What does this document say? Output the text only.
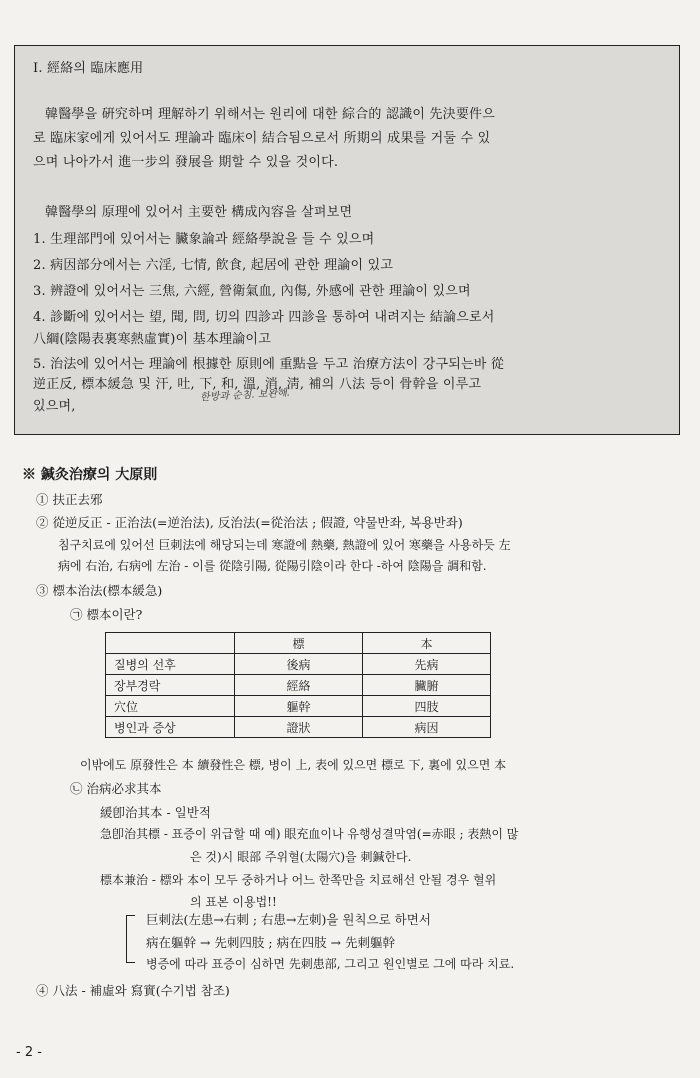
I. 經絡의 臨床應用
韓醫學을 硏究하며 理解하기 위해서는 원리에 대한 綜合的 認識이 先決要件으
로 臨床家에게 있어서도 理論과 臨床이 結合됨으로서 所期의 成果를 거둘 수 있
으며 나아가서 進一步의 發展을 期할 수 있을 것이다.
韓醫學의 原理에 있어서 主要한 構成內容을 살펴보면
1. 生理部門에 있어서는 臟象論과 經絡學說을 들 수 있으며
2. 病因部分에서는 六淫, 七情, 飮食, 起居에 관한 理論이 있고
3. 辨證에 있어서는 三焦, 六經, 營衛氣血, 內傷, 外感에 관한 理論이 있으며
4. 診斷에 있어서는 望, 聞, 問, 切의 四診과 四診을 통하여 내려지는 結論으로서
八綱(陰陽表裏寒熱虛實)이 基本理論이고
5. 治法에 있어서는 理論에 根據한 原則에 重點을 두고 治療方法이 강구되는바 從
逆正反, 標本緩急 및 汗, 吐, 下, 和, 溫, 消, 淸, 補의 八法 등이 骨幹을 이루고
있으며,
한방과 순침. 보완해.
※ 鍼灸治療의 大原則
① 扶正去邪
② 從逆反正 - 正治法(=逆治法), 反治法(=從治法 ; 假證, 약물반좌, 복용반좌)
침구치료에 있어선 巨刺法에 해당되는데 寒證에 熱藥, 熱證에 있어 寒藥을 사용하듯 左
病에 右治, 右病에 左治 - 이를 從陰引陽, 從陽引陰이라 한다 -하여 陰陽을 調和함.
③ 標本治法(標本緩急)
㉠ 標本이란?
	標	本
질병의 선후	後病	先病
장부경락	經絡	臟腑
穴位	軀幹	四肢
병인과 증상	證狀	病因
이밖에도 原發性은 本 續發性은 標, 병이 上, 表에 있으면 標로 下, 裏에 있으면 本
㉡ 治病必求其本
緩卽治其本 - 일반적
急卽治其標 - 표증이 위급할 때 예) 眼充血이나 유행성결막염(=赤眼 ; 表熱이 많
은 것)시 眼部 주위혈(太陽穴)을 刺鍼한다.
標本兼治 - 標와 本이 모두 중하거나 어느 한쪽만을 치료해선 안될 경우 혈위
의 표본 이용법!!
巨刺法(左患→右刺 ; 右患→左刺)을 원칙으로 하면서
病在軀幹 → 先刺四肢 ; 病在四肢 → 先刺軀幹
병증에 따라 표증이 심하면 先刺患部, 그리고 원인별로 그에 따라 치료.
④ 八法 - 補虛와 寫實(수기법 참조)
- 2 -
